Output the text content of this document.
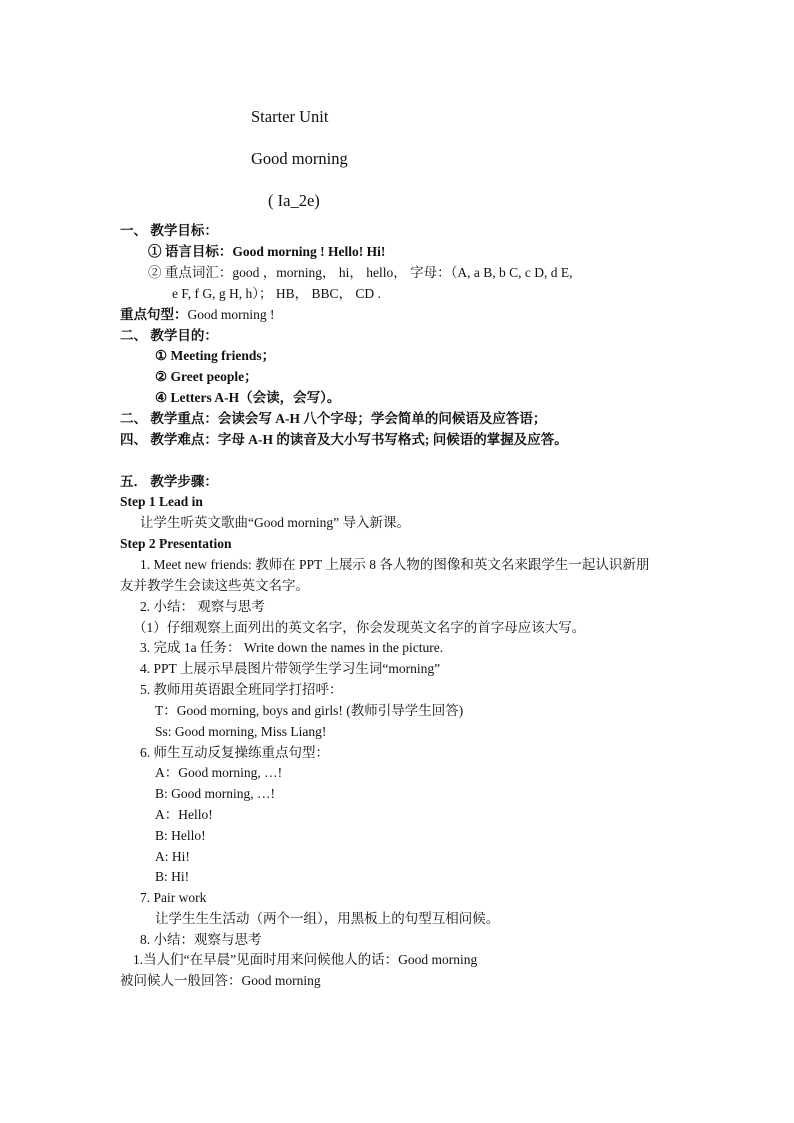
Starter Unit
Good morning
( Ia_2e)
一、 教学目标：
① 语言目标：Good morning ! Hello! Hi!
② 重点词汇：good ，morning， hi， hello， 字母：（A, a B, b C, c D, d E,
e F, f G, g H, h）； HB， BBC， CD .
重点句型：Good morning !
二、 教学目的：
① Meeting friends；
② Greet people；
④ Letters A-H（会读，会写）。
二、 教学重点：会读会写 A-H 八个字母；学会简单的问候语及应答语；
四、 教学难点：字母 A-H 的读音及大小写书写格式; 问候语的掌握及应答。
五． 教学步骤：
Step 1 Lead in
让学生听英文歌曲“Good morning” 导入新课。
Step 2 Presentation
1. Meet new friends: 教师在 PPT 上展示 8 各人物的图像和英文名来跟学生一起认识新朋
友并教学生会读这些英文名字。
2. 小结： 观察与思考
（1）仔细观察上面列出的英文名字，你会发现英文名字的首字母应该大写。
3. 完成 1a 任务： Write down the names in the picture.
4. PPT 上展示早晨图片带领学生学习生词“morning”
5. 教师用英语跟全班同学打招呼：
T：Good morning, boys and girls! (教师引导学生回答)
Ss: Good morning, Miss Liang!
6. 师生互动反复操练重点句型：
A：Good morning, …!
B: Good morning, …!
A：Hello!
B: Hello!
A: Hi!
B: Hi!
7. Pair work
让学生生生活动（两个一组），用黑板上的句型互相问候。
8. 小结：观察与思考
1.当人们“在早晨”见面时用来问候他人的话：Good morning
被问候人一般回答：Good morning
